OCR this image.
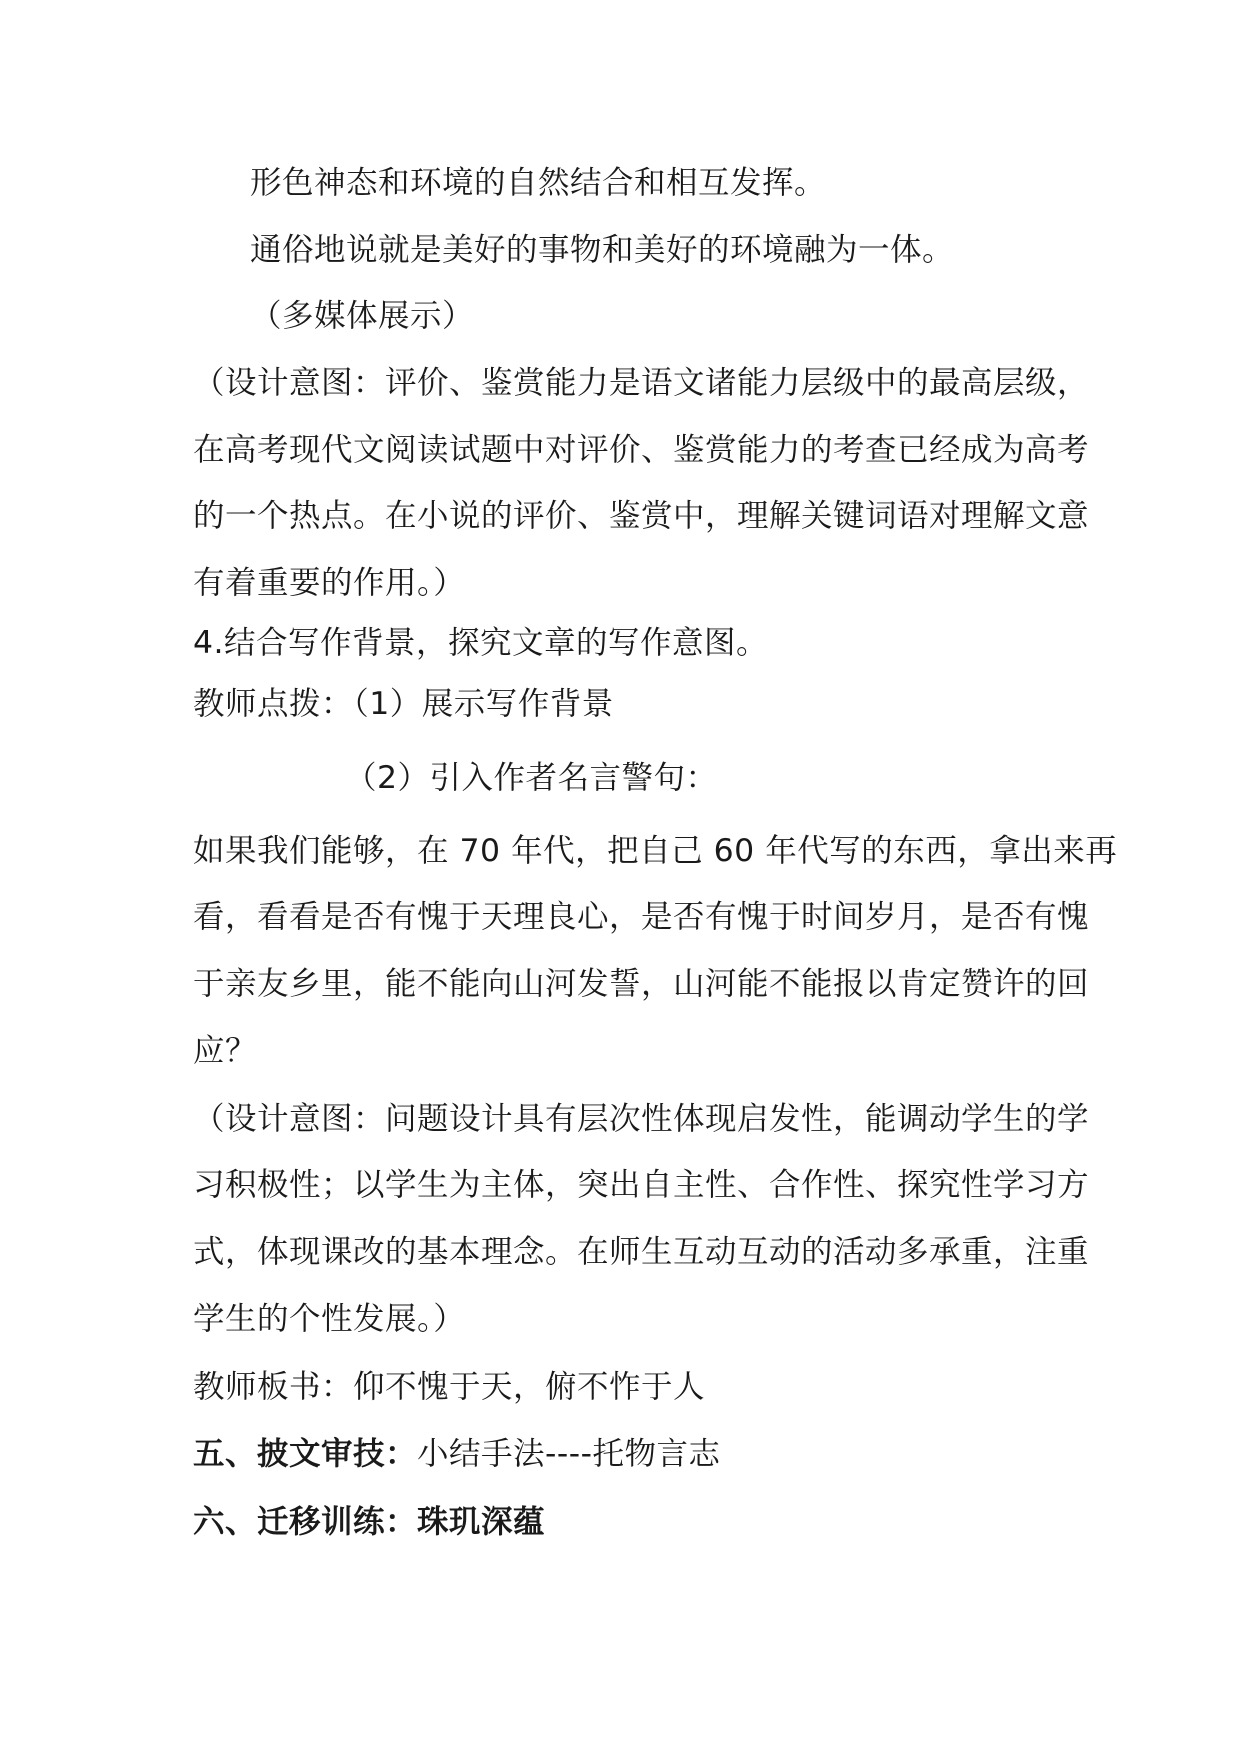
形色神态和环境的自然结合和相互发挥。
通俗地说就是美好的事物和美好的环境融为一体。
（多媒体展示）
（设计意图：评价、鉴赏能力是语文诸能力层级中的最高层级，
在高考现代文阅读试题中对评价、鉴赏能力的考查已经成为高考
的一个热点。在小说的评价、鉴赏中，理解关键词语对理解文意
有着重要的作用。）
4.结合写作背景，探究文章的写作意图。
教师点拨：（1）展示写作背景
（2）引入作者名言警句：
如果我们能够，在 70 年代，把自己 60 年代写的东西，拿出来再
看，看看是否有愧于天理良心，是否有愧于时间岁月，是否有愧
于亲友乡里，能不能向山河发誓，山河能不能报以肯定赞许的回
应？
（设计意图：问题设计具有层次性体现启发性，能调动学生的学
习积极性；以学生为主体，突出自主性、合作性、探究性学习方
式，体现课改的基本理念。在师生互动互动的活动多承重，注重
学生的个性发展。）
教师板书：仰不愧于天，俯不怍于人
五、披文审技：小结手法----托物言志
六、迁移训练：珠玑深蕴
